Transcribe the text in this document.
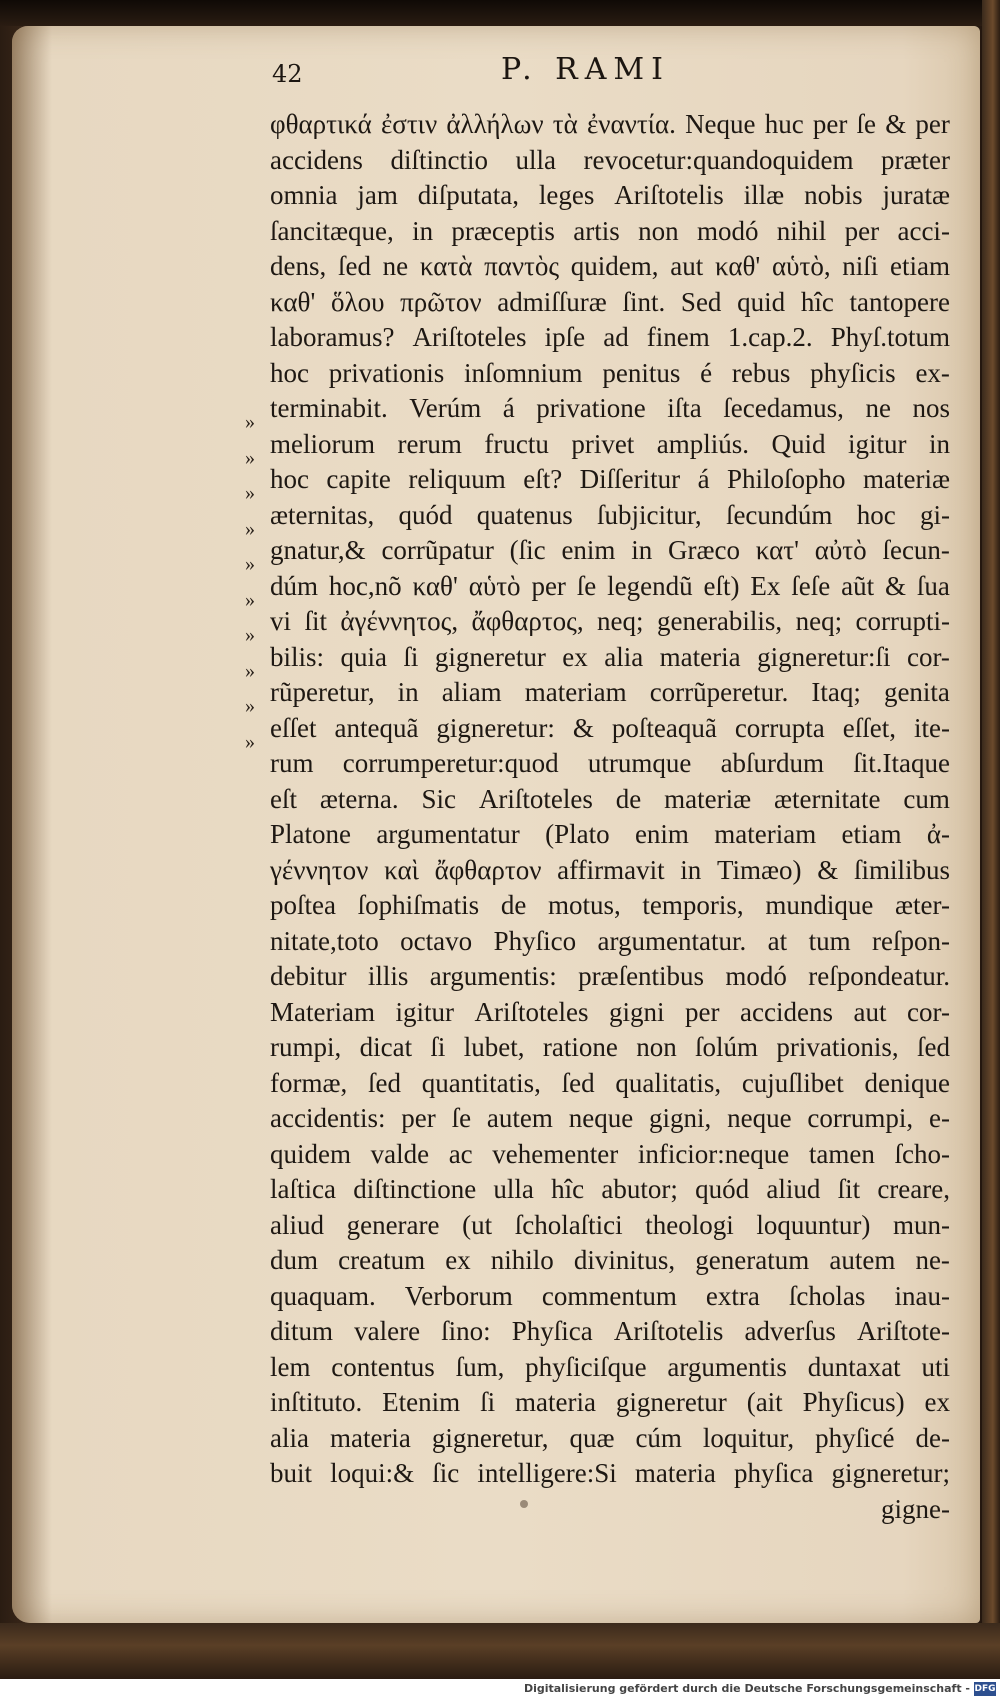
42	P. RAMI
»
»
»
»
»
»
»
»
»
»
φθαρτικά ἐστιν ἀλλήλων τὰ ἐναντία. Neque huc per ſe & per
accidens diſtinctio ulla revocetur:quandoquidem præter
omnia jam diſputata, leges Ariſtotelis illæ nobis juratæ
ſancitæque, in præceptis artis non modó nihil per acci-
dens, ſed ne κατὰ παντὸς quidem, aut καθ' αὑτὸ, niſi etiam
καθ' ὅλου πρῶτον admiſſuræ ſint. Sed quid hîc tantopere
laboramus? Ariſtoteles ipſe ad finem 1.cap.2. Phyſ.totum
hoc privationis inſomnium penitus é rebus phyſicis ex-
terminabit. Verúm á privatione iſta ſecedamus, ne nos
meliorum rerum fructu privet ampliús. Quid igitur in
hoc capite reliquum eſt? Diſſeritur á Philoſopho materiæ
æternitas, quód quatenus ſubjicitur, ſecundúm hoc gi-
gnatur,& corrũpatur (ſic enim in Græco κατ' αὐτὸ ſecun-
dúm hoc,nõ καθ' αὑτὸ per ſe legendũ eſt) Ex ſeſe aũt & ſua
vi ſit ἀγέννητος, ἄφθαρτος, neq; generabilis, neq; corrupti-
bilis: quia ſi gigneretur ex alia materia gigneretur:ſi cor-
rũperetur, in aliam materiam corrũperetur. Itaq; genita
eſſet antequã gigneretur: & poſteaquã corrupta eſſet, ite-
rum corrumperetur:quod utrumque abſurdum ſit.Itaque
eſt æterna. Sic Ariſtoteles de materiæ æternitate cum
Platone argumentatur (Plato enim materiam etiam ἀ-
γέννητον καὶ ἄφθαρτον affirmavit in Timæo) & ſimilibus
poſtea ſophiſmatis de motus, temporis, mundique æter-
nitate,toto octavo Phyſico argumentatur. at tum reſpon-
debitur illis argumentis: præſentibus modó reſpondeatur.
Materiam igitur Ariſtoteles gigni per accidens aut cor-
rumpi, dicat ſi lubet, ratione non ſolúm privationis, ſed
formæ, ſed quantitatis, ſed qualitatis, cujuſlibet denique
accidentis: per ſe autem neque gigni, neque corrumpi, e-
quidem valde ac vehementer inficior:neque tamen ſcho-
laſtica diſtinctione ulla hîc abutor; quód aliud ſit creare,
aliud generare (ut ſcholaſtici theologi loquuntur) mun-
dum creatum ex nihilo divinitus, generatum autem ne-
quaquam. Verborum commentum extra ſcholas inau-
ditum valere ſino: Phyſica Ariſtotelis adverſus Ariſtote-
lem contentus ſum, phyſiciſque argumentis duntaxat uti
inſtituto. Etenim ſi materia gigneretur (ait Phyſicus) ex
alia materia gigneretur, quæ cúm loquitur, phyſicé de-
buit loqui:& ſic intelligere:Si materia phyſica gigneretur;
gigne-
Digitalisierung gefördert durch die Deutsche Forschungsgemeinschaft - DFG
